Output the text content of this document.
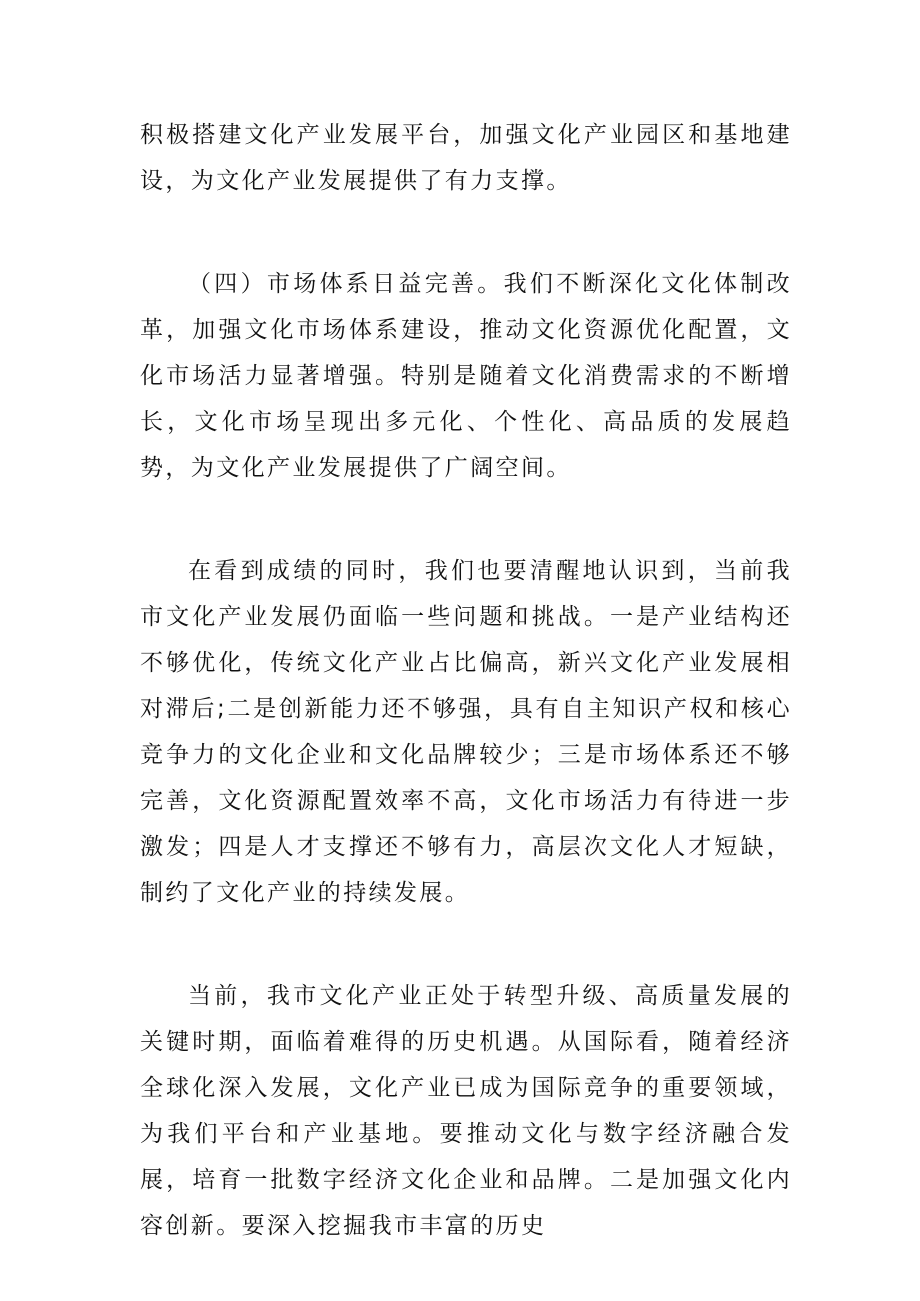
积极搭建文化产业发展平台，加强文化产业园区和基地建设，为文化产业发展提供了有力支撑。

（四）市场体系日益完善。我们不断深化文化体制改革，加强文化市场体系建设，推动文化资源优化配置，文化市场活力显著增强。特别是随着文化消费需求的不断增长，文化市场呈现出多元化、个性化、高品质的发展趋势，为文化产业发展提供了广阔空间。

在看到成绩的同时，我们也要清醒地认识到，当前我市文化产业发展仍面临一些问题和挑战。一是产业结构还不够优化，传统文化产业占比偏高，新兴文化产业发展相对滞后;二是创新能力还不够强，具有自主知识产权和核心竞争力的文化企业和文化品牌较少；三是市场体系还不够完善，文化资源配置效率不高，文化市场活力有待进一步激发；四是人才支撑还不够有力，高层次文化人才短缺，制约了文化产业的持续发展。

当前，我市文化产业正处于转型升级、高质量发展的关键时期，面临着难得的历史机遇。从国际看，随着经济全球化深入发展，文化产业已成为国际竞争的重要领域，为我们平台和产业基地。要推动文化与数字经济融合发展，培育一批数字经济文化企业和品牌。二是加强文化内容创新。要深入挖掘我市丰富的历史
